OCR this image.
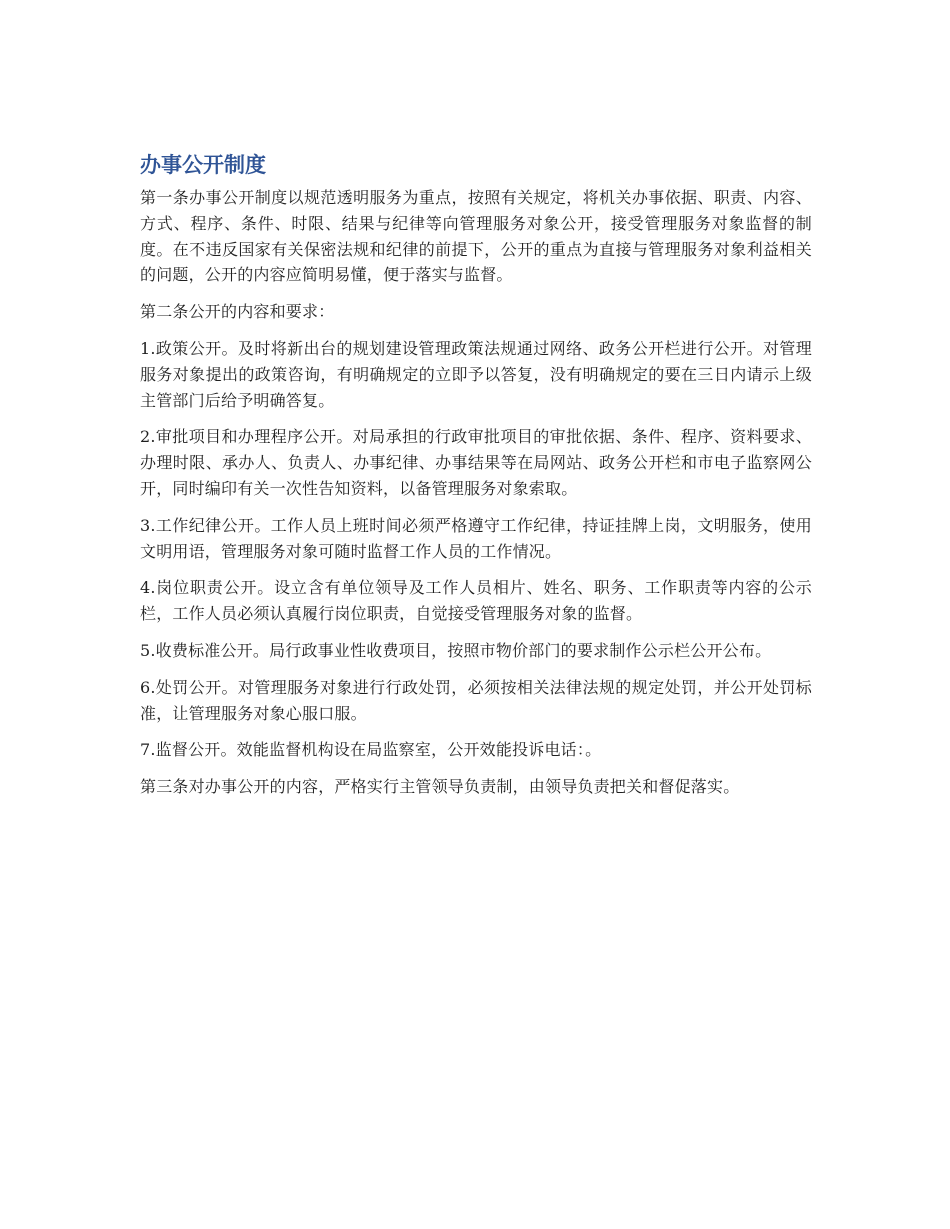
办事公开制度

第一条办事公开制度以规范透明服务为重点，按照有关规定，将机关办事依据、职责、内容、方式、程序、条件、时限、结果与纪律等向管理服务对象公开，接受管理服务对象监督的制度。在不违反国家有关保密法规和纪律的前提下，公开的重点为直接与管理服务对象利益相关的问题，公开的内容应简明易懂，便于落实与监督。

第二条公开的内容和要求：

1.政策公开。及时将新出台的规划建设管理政策法规通过网络、政务公开栏进行公开。对管理服务对象提出的政策咨询，有明确规定的立即予以答复，没有明确规定的要在三日内请示上级主管部门后给予明确答复。

2.审批项目和办理程序公开。对局承担的行政审批项目的审批依据、条件、程序、资料要求、办理时限、承办人、负责人、办事纪律、办事结果等在局网站、政务公开栏和市电子监察网公开，同时编印有关一次性告知资料，以备管理服务对象索取。

3.工作纪律公开。工作人员上班时间必须严格遵守工作纪律，持证挂牌上岗，文明服务，使用文明用语，管理服务对象可随时监督工作人员的工作情况。

4.岗位职责公开。设立含有单位领导及工作人员相片、姓名、职务、工作职责等内容的公示栏，工作人员必须认真履行岗位职责，自觉接受管理服务对象的监督。

5.收费标准公开。局行政事业性收费项目，按照市物价部门的要求制作公示栏公开公布。

6.处罚公开。对管理服务对象进行行政处罚，必须按相关法律法规的规定处罚，并公开处罚标准，让管理服务对象心服口服。

7.监督公开。效能监督机构设在局监察室，公开效能投诉电话：。

第三条对办事公开的内容，严格实行主管领导负责制，由领导负责把关和督促落实。
